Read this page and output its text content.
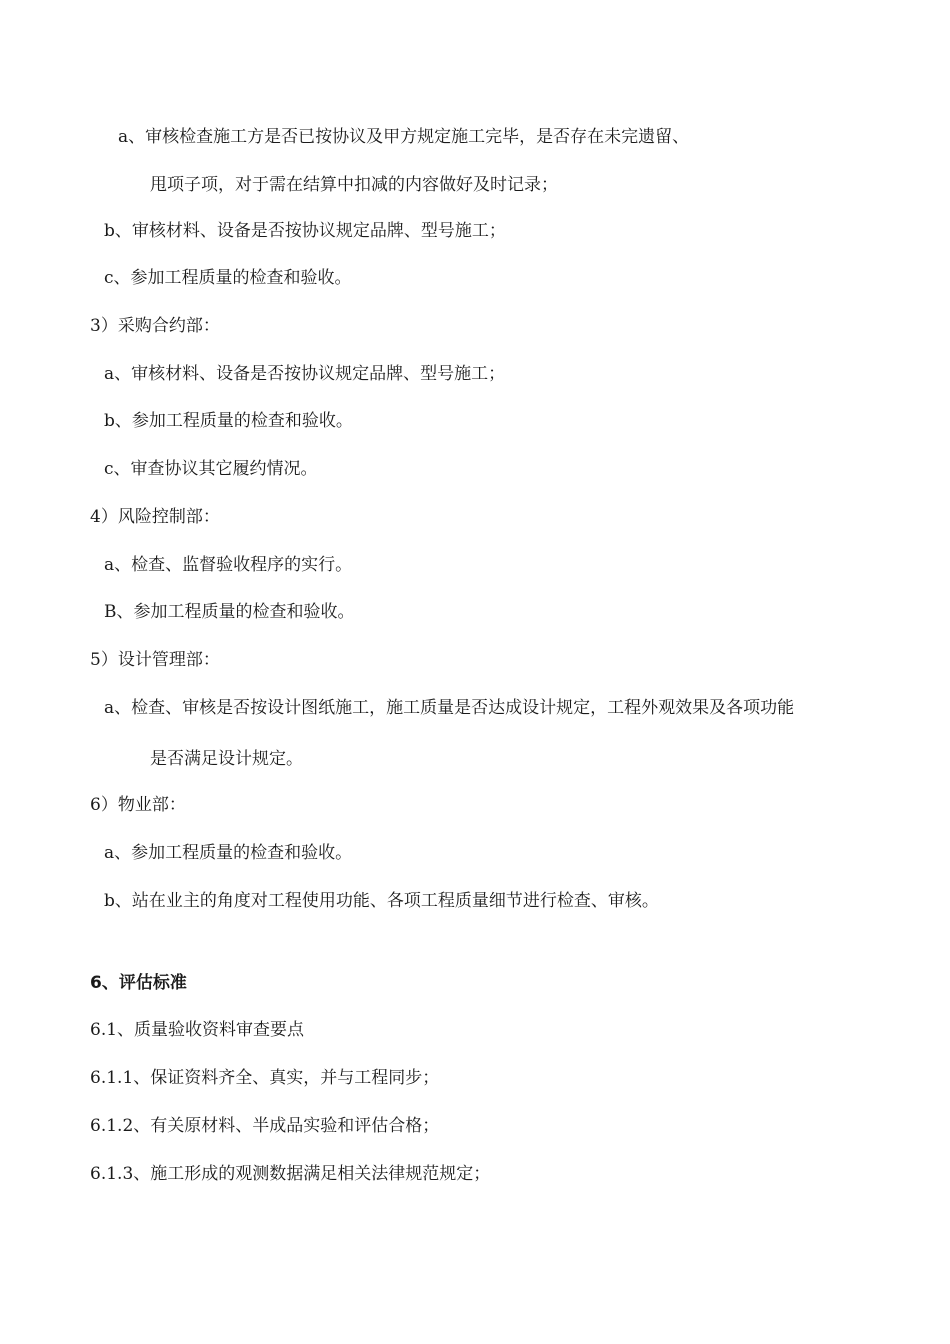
a、审核检查施工方是否已按协议及甲方规定施工完毕，是否存在未完遗留、
甩项子项，对于需在结算中扣减的内容做好及时记录；
b、审核材料、设备是否按协议规定品牌、型号施工；
c、参加工程质量的检查和验收。
3）采购合约部：
a、审核材料、设备是否按协议规定品牌、型号施工；
b、参加工程质量的检查和验收。
c、审查协议其它履约情况。
4）风险控制部：
a、检查、监督验收程序的实行。
B、参加工程质量的检查和验收。
5）设计管理部：
a、检查、审核是否按设计图纸施工，施工质量是否达成设计规定，工程外观效果及各项功能
是否满足设计规定。
6）物业部：
a、参加工程质量的检查和验收。
b、站在业主的角度对工程使用功能、各项工程质量细节进行检查、审核。
6、评估标准
6.1、质量验收资料审查要点
6.1.1、保证资料齐全、真实，并与工程同步；
6.1.2、有关原材料、半成品实验和评估合格；
6.1.3、施工形成的观测数据满足相关法律规范规定；
